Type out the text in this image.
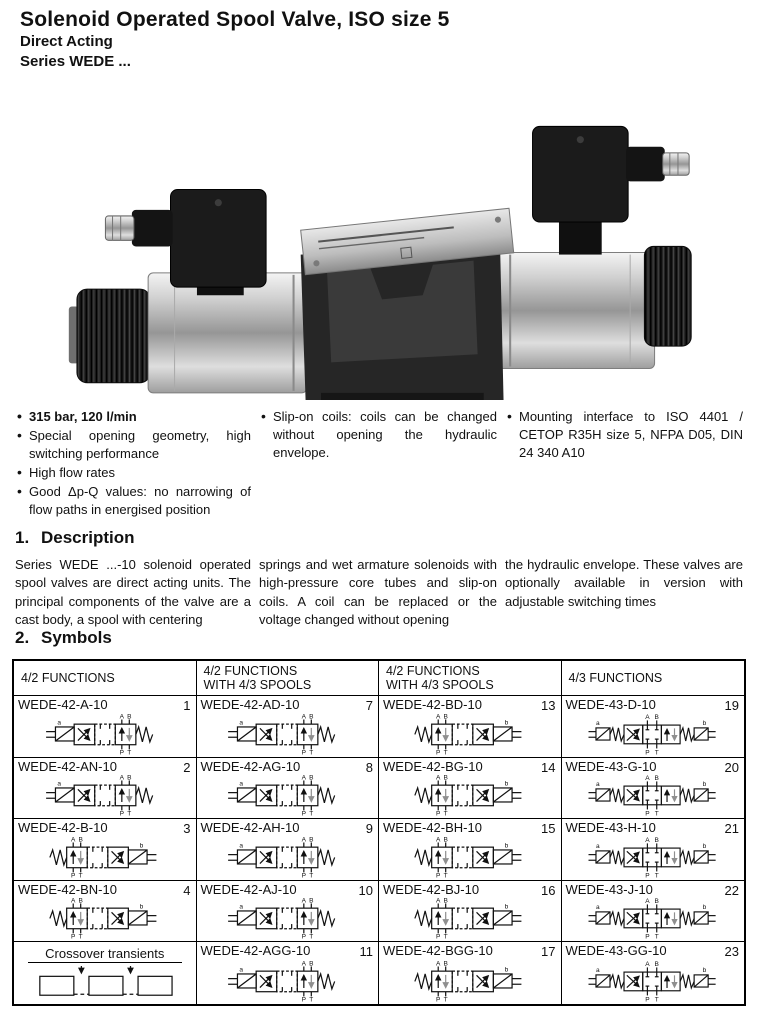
Solenoid Operated Spool Valve, ISO size 5
Direct Acting
Series WEDE ...
• 315 bar, 120 l/min
• Special opening geometry, high switching performance
• High flow rates
• Good Δp-Q values: no narrowing of flow paths in energised position
• Slip-on coils: coils can be changed without opening the hydraulic envelope.
• Mounting interface to ISO 4401 / CETOP R35H size 5, NFPA D05, DIN 24 340 A10
1. Description

Series WEDE ...-10 solenoid operated spool valves are direct acting units. The principal components of the valve are a cast body, a spool with centering

springs and wet armature solenoids with high-pressure core tubes and slip-on coils. A coil can be replaced or the voltage changed without opening

the hydraulic envelope. These valves are optionally available in version with adjustable switching times

2. Symbols
4/2 FUNCTIONS
4/2 FUNCTIONS
WITH 4/3 SPOOLS
4/2 FUNCTIONS
WITH 4/3 SPOOLS
4/3 FUNCTIONS
WEDE-42-A-10	1 WEDE-42-AD-10	7 WEDE-42-BD-10	13 WEDE-43-D-10	19
WEDE-42-AN-10	2 WEDE-42-AG-10	8 WEDE-42-BG-10	14 WEDE-43-G-10	20
WEDE-42-B-10	3 WEDE-42-AH-10	9 WEDE-42-BH-10	15 WEDE-43-H-10	21
WEDE-42-BN-10	4 WEDE-42-AJ-10	10 WEDE-42-BJ-10	16 WEDE-43-J-10	22
Crossover transients	WEDE-42-AGG-10	11 WEDE-42-BGG-10	17 WEDE-43-GG-10	23
